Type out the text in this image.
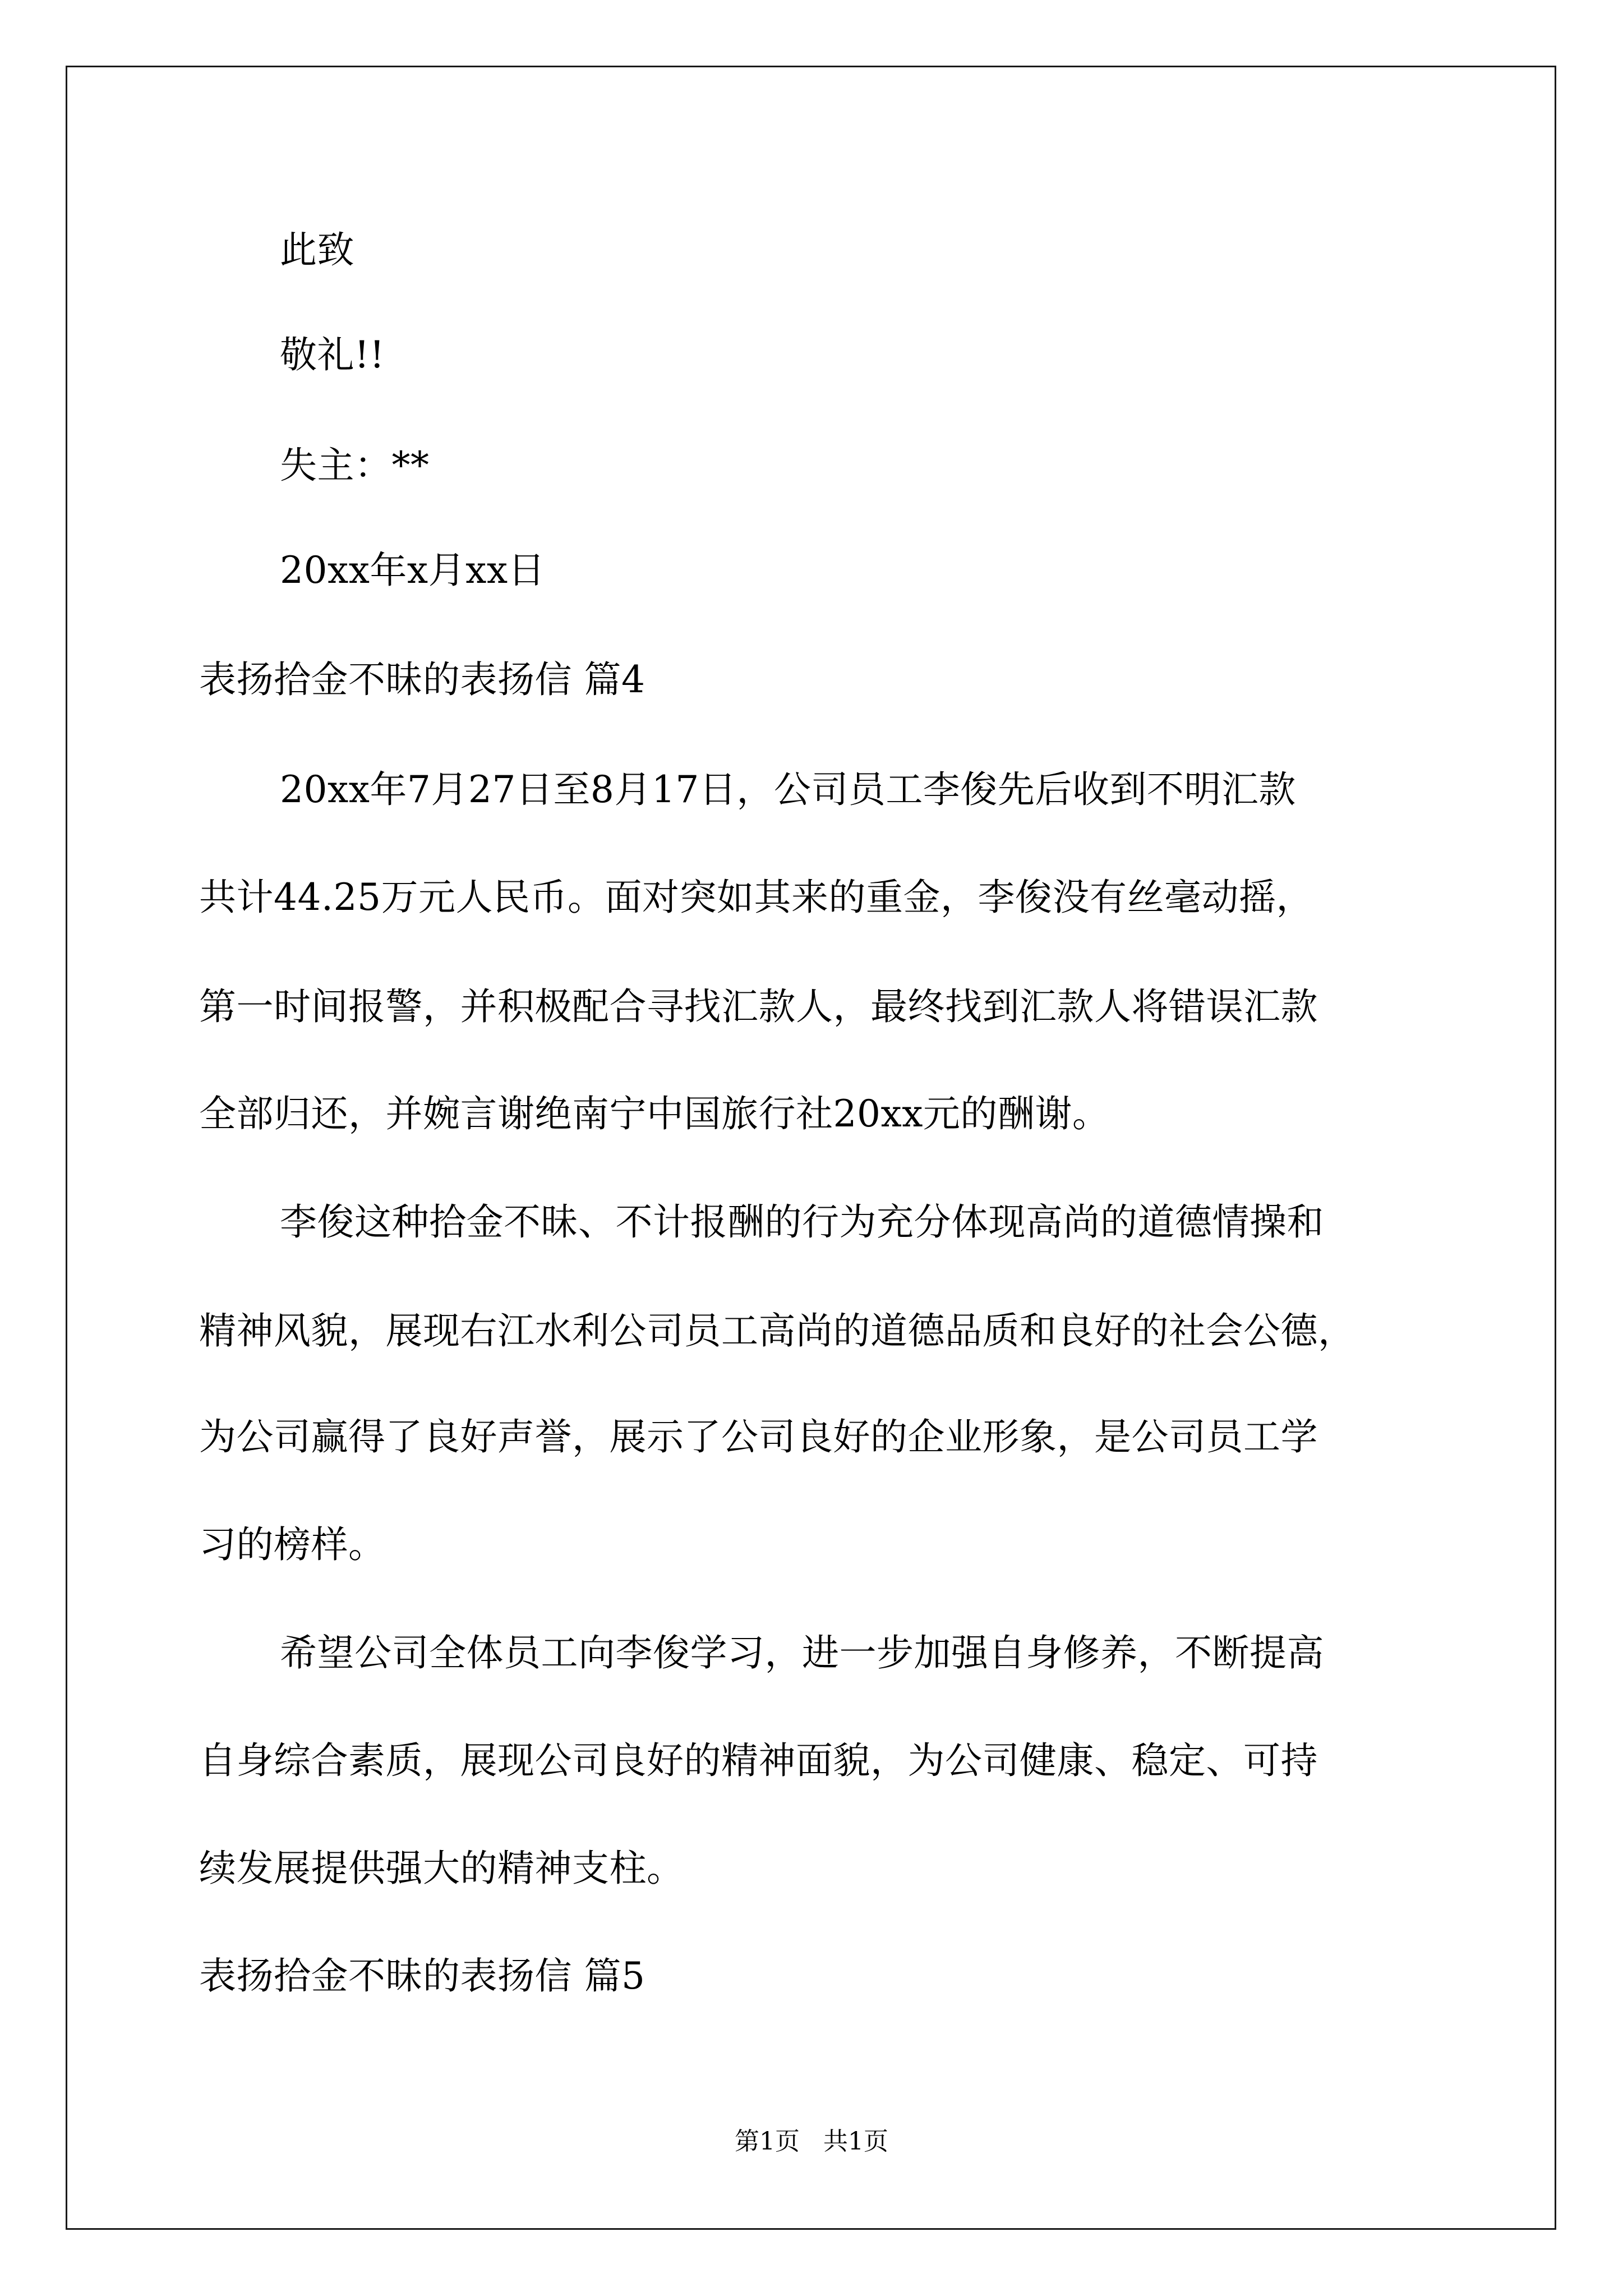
此致

敬礼!!

失主：**

20xx年x月xx日

表扬拾金不昧的表扬信 篇4

20xx年7月27日至8月17日，公司员工李俊先后收到不明汇款

共计44.25万元人民币。面对突如其来的重金，李俊没有丝毫动摇，

第一时间报警，并积极配合寻找汇款人，最终找到汇款人将错误汇款

全部归还，并婉言谢绝南宁中国旅行社20xx元的酬谢。

李俊这种拾金不昧、不计报酬的行为充分体现高尚的道德情操和

精神风貌，展现右江水利公司员工高尚的道德品质和良好的社会公德，

为公司赢得了良好声誉，展示了公司良好的企业形象，是公司员工学

习的榜样。

希望公司全体员工向李俊学习，进一步加强自身修养，不断提高

自身综合素质，展现公司良好的精神面貌，为公司健康、稳定、可持

续发展提供强大的精神支柱。

表扬拾金不昧的表扬信 篇5

第1页   共1页
